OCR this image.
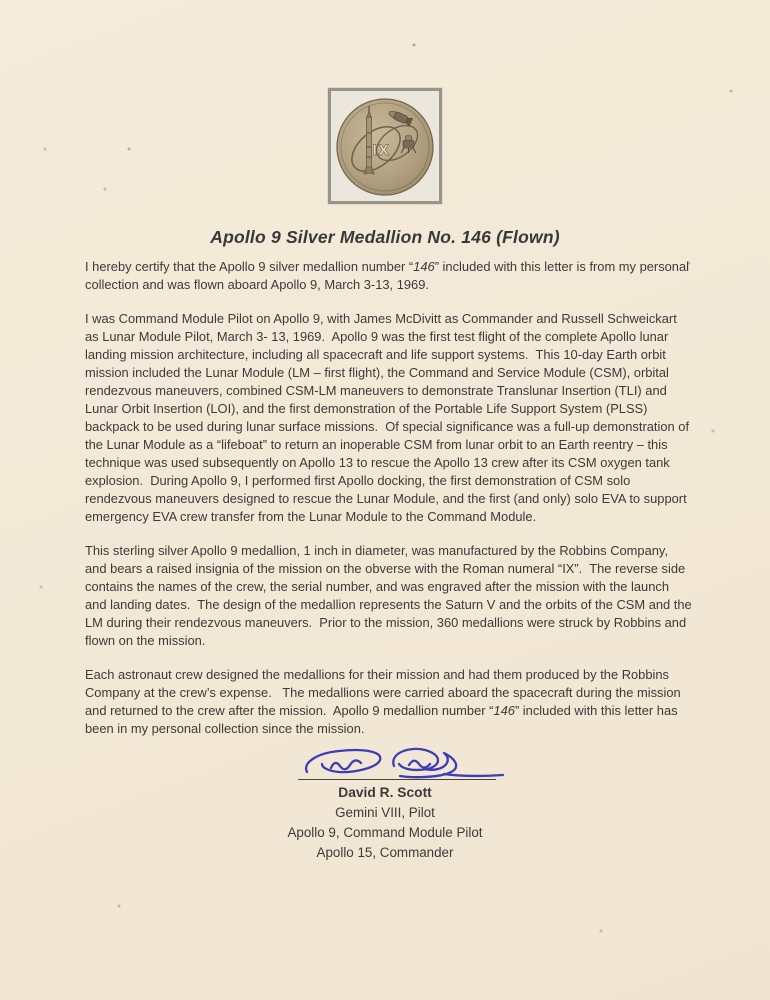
IX
Apollo 9 Silver Medallion No. 146 (Flown)

I hereby certify that the Apollo 9 silver medallion number “146” included with this letter is from my personal collection and was flown aboard Apollo 9, March 3-13, 1969.

I was Command Module Pilot on Apollo 9, with James McDivitt as Commander and Russell Schweickart as Lunar Module Pilot, March 3- 13, 1969.  Apollo 9 was the first test flight of the complete Apollo lunar landing mission architecture, including all spacecraft and life support systems.  This 10-day Earth orbit mission included the Lunar Module (LM – first flight), the Command and Service Module (CSM), orbital rendezvous maneuvers, combined CSM-LM maneuvers to demonstrate Translunar Insertion (TLI) and Lunar Orbit Insertion (LOI), and the first demonstration of the Portable Life Support System (PLSS) backpack to be used during lunar surface missions.  Of special significance was a full-up demonstration of the Lunar Module as a “lifeboat” to return an inoperable CSM from lunar orbit to an Earth reentry – this technique was used subsequently on Apollo 13 to rescue the Apollo 13 crew after its CSM oxygen tank explosion.  During Apollo 9, I performed first Apollo docking, the first demonstration of CSM solo rendezvous maneuvers designed to rescue the Lunar Module, and the first (and only) solo EVA to support emergency EVA crew transfer from the Lunar Module to the Command Module.

This sterling silver Apollo 9 medallion, 1 inch in diameter, was manufactured by the Robbins Company, and bears a raised insignia of the mission on the obverse with the Roman numeral “IX”.  The reverse side contains the names of the crew, the serial number, and was engraved after the mission with the launch and landing dates.  The design of the medallion represents the Saturn V and the orbits of the CSM and the LM during their rendezvous maneuvers.  Prior to the mission, 360 medallions were struck by Robbins and flown on the mission.

Each astronaut crew designed the medallions for their mission and had them produced by the Robbins Company at the crew’s expense.   The medallions were carried aboard the spacecraft during the mission and returned to the crew after the mission.  Apollo 9 medallion number “146” included with this letter has been in my personal collection since the mission.

David R. Scott

Gemini VIII, Pilot

Apollo 9, Command Module Pilot

Apollo 15, Commander
